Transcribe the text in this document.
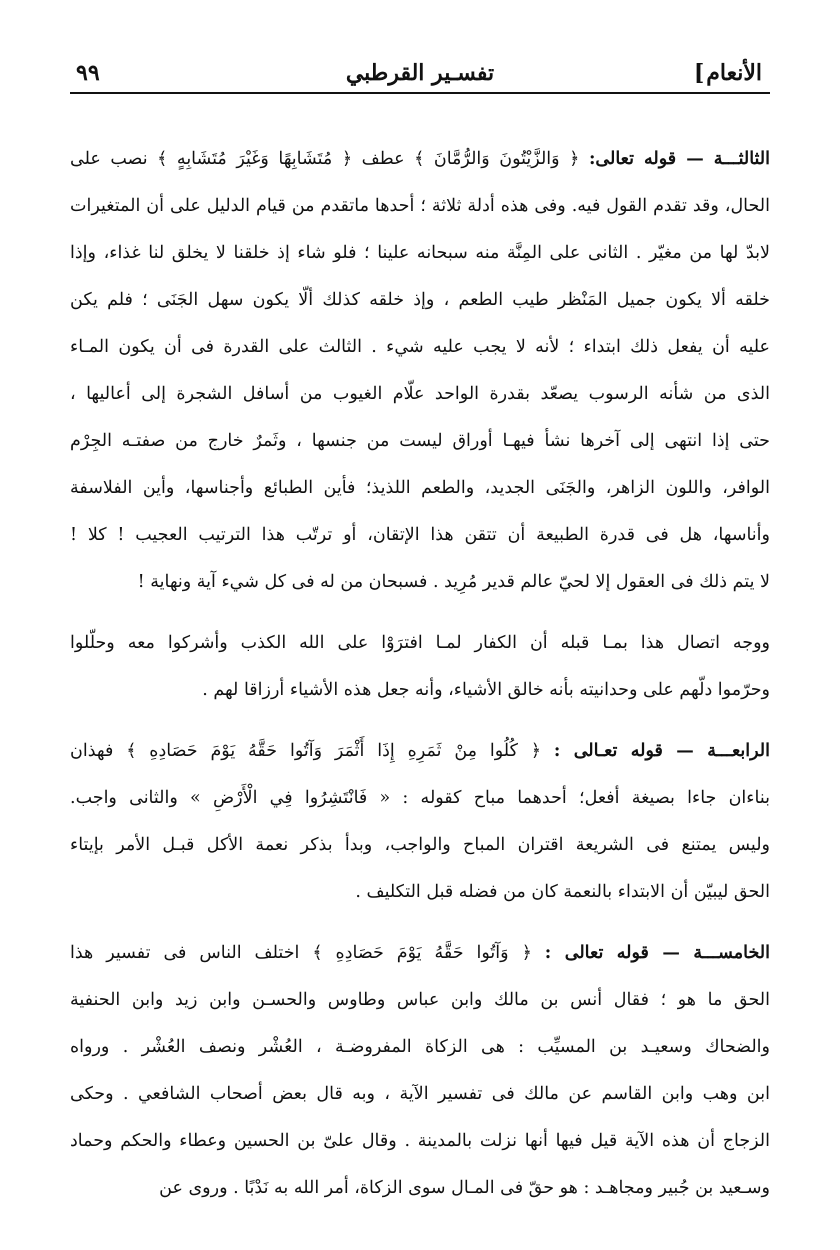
الأنعام]
تفسـير القرطبي
٩٩
الثالثـــة — قوله تعالى: ﴿ وَالزَّيْتُونَ وَالرُّمَّانَ ﴾ عطف ﴿ مُتَشَابِهًا وَغَيْرَ مُتَشَابِهٍ ﴾ نصب على
الحال، وقد تقدم القول فيه. وفى هذه أدلة ثلاثة ؛ أحدها ماتقدم من قيام الدليل على أن المتغيرات
لابدّ لها من مغيّر . الثانى على المِنَّة منه سبحانه علينا ؛ فلو شاء إذ خلقنا لا يخلق لنا غذاء، وإذا
خلقه ألا يكون جميل المَنْظر طيب الطعم ، وإذ خلقه كذلك ألّا يكون سهل الجَنَى ؛ فلم يكن
عليه أن يفعل ذلك ابتداء ؛ لأنه لا يجب عليه شيء . الثالث على القدرة فى أن يكون المـاء
الذى من شأنه الرسوب يصعّد بقدرة الواحد علّام الغيوب من أسافل الشجرة إلى أعاليها ،
حتى إذا انتهى إلى آخرها نشأ فيهـا أوراق ليست من جنسها ، وثَمرٌ خارج من صفتـه الجِرْم
الوافر، واللون الزاهر، والجَنَى الجديد، والطعم اللذيذ؛ فأين الطبائع وأجناسها، وأين الفلاسفة
وأناسها، هل فى قدرة الطبيعة أن تتقن هذا الإتقان، أو ترتّب هذا الترتيب العجيب ! كلا !
لا يتم ذلك فى العقول إلا لحيّ عالم قدير مُرِيد . فسبحان من له فى كل شيء آية ونهاية !
ووجه اتصال هذا بمـا قبله أن الكفار لمـا افترَوْا على الله الكذب وأشركوا معه وحلّلوا
وحرّموا دلّهم على وحدانيته بأنه خالق الأشياء، وأنه جعل هذه الأشياء أرزاقا لهم .
الرابعـــة — قوله تعـالى : ﴿ كُلُوا مِنْ ثَمَرِهِ إِذَا أَثْمَرَ وَآتُوا حَقَّهُ يَوْمَ حَصَادِهِ ﴾ فهذان
بناءان جاءا بصيغة أفعل؛ أحدهما مباح كقوله : « فَانْتَشِرُوا فِي الْأَرْضِ » والثانى واجب.
وليس يمتنع فى الشريعة اقتران المباح والواجب، وبدأ بذكر نعمة الأكل قبـل الأمر بإيتاء
الحق ليبيّن أن الابتداء بالنعمة كان من فضله قبل التكليف .
الخامســـة — قوله تعالى : ﴿ وَآتُوا حَقَّهُ يَوْمَ حَصَادِهِ ﴾ اختلف الناس فى تفسير هذا
الحق ما هو ؛ فقال أنس بن مالك وابن عباس وطاوس والحسـن وابن زيد وابن الحنفية
والضحاك وسعيـد بن المسيِّب : هى الزكاة المفروضـة ، العُشْر ونصف العُشْر . ورواه
ابن وهب وابن القاسم عن مالك فى تفسير الآية ، وبه قال بعض أصحاب الشافعي . وحكى
الزجاج أن هذه الآية قيل فيها أنها نزلت بالمدينة . وقال علىّ بن الحسين وعطاء والحكم وحماد
وسـعيد بن جُبير ومجاهـد : هو حقّ فى المـال سوى الزكاة، أمر الله به نَدْبًا . وروى عن
